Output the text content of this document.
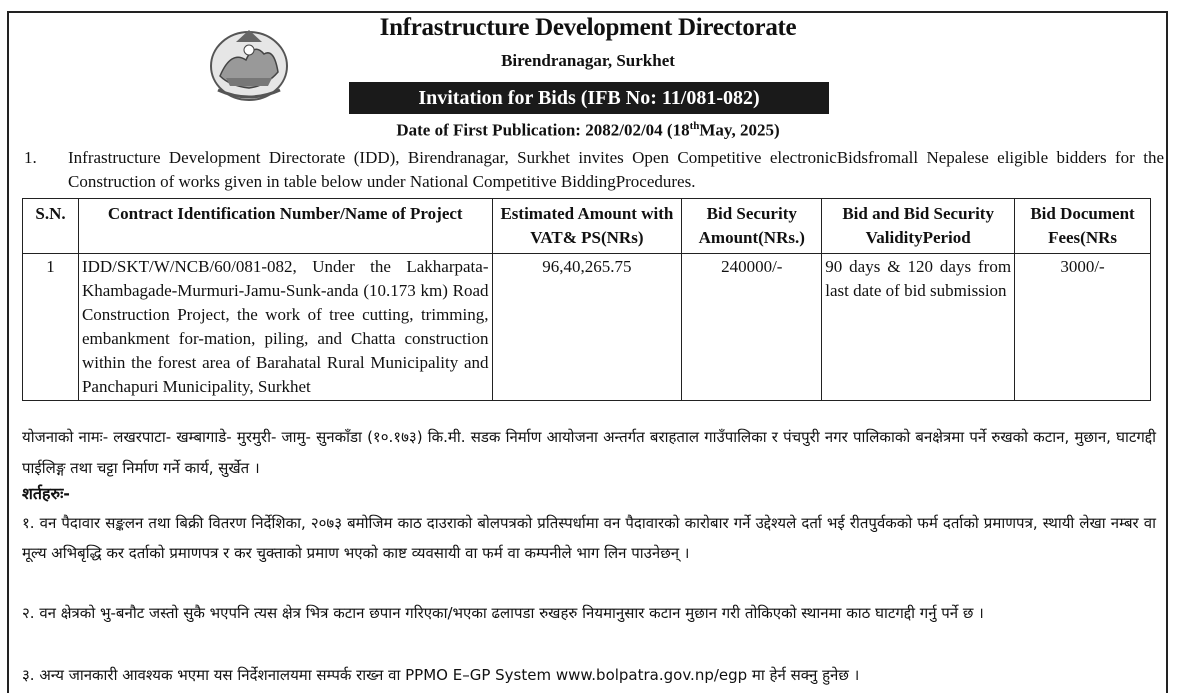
Infrastructure Development Directorate
Birendranagar, Surkhet
Invitation for Bids (IFB No: 11/081-082)
Date of First Publication: 2082/02/04 (18thMay, 2025)
1. Infrastructure Development Directorate (IDD), Birendranagar, Surkhet invites Open Competitive electronicBidsfromall Nepalese eligible bidders for the Construction of works given in table below under National Competitive BiddingProcedures.
S.N.	Contract Identification Number/Name of Project	Estimated Amount with VAT& PS(NRs)	Bid Security Amount(NRs.)	Bid and Bid Security ValidityPeriod	Bid Document Fees(NRs
1	IDD/SKT/W/NCB/60/081-082, Under the Lakharpata-Khambagade-Murmuri-Jamu-Sunk-anda (10.173 km) Road Construction Project, the work of tree cutting, trimming, embankment for-mation, piling, and Chatta construction within the forest area of Barahatal Rural Municipality and Panchapuri Municipality, Surkhet	96,40,265.75	240000/-	90 days & 120 days from last date of bid submission	3000/-
योजनाको नामः- लखरपाटा- खम्बागाडे- मुरमुरी- जामु- सुनकाँडा (१०.१७३) कि.मी. सडक निर्माण आयोजना अन्तर्गत बराहताल गाउँपालिका र पंचपुरी नगर पालिकाको बनक्षेत्रमा पर्ने रुखको कटान, मुछान, घाटगद्दी पाईलिङ्ग तथा चट्टा निर्माण गर्ने कार्य, सुर्खेत ।
शर्तहरुः-
१. वन पैदावार सङ्कलन तथा बिक्री वितरण निर्देशिका, २०७३ बमोजिम काठ दाउराको बोलपत्रको प्रतिस्पर्धामा वन पैदावारको कारोबार गर्ने उद्देश्यले दर्ता भई रीतपुर्वकको फर्म दर्ताको प्रमाणपत्र, स्थायी लेखा नम्बर वा मूल्य अभिबृद्धि कर दर्ताको प्रमाणपत्र र कर चुक्ताको प्रमाण भएको काष्ट व्यवसायी वा फर्म वा कम्पनीले भाग लिन पाउनेछन् ।
२. वन क्षेत्रको भु-बनौट जस्तो सुकै भएपनि त्यस क्षेत्र भित्र कटान छपान गरिएका/भएका ढलापडा रुखहरु नियमानुसार कटान मुछान गरी तोकिएको स्थानमा काठ घाटगद्दी गर्नु पर्ने छ ।
३. अन्य जानकारी आवश्यक भएमा यस निर्देशनालयमा सम्पर्क राख्न वा PPMO E–GP System www.bolpatra.gov.np/egp मा हेर्न सक्नु हुनेछ ।
